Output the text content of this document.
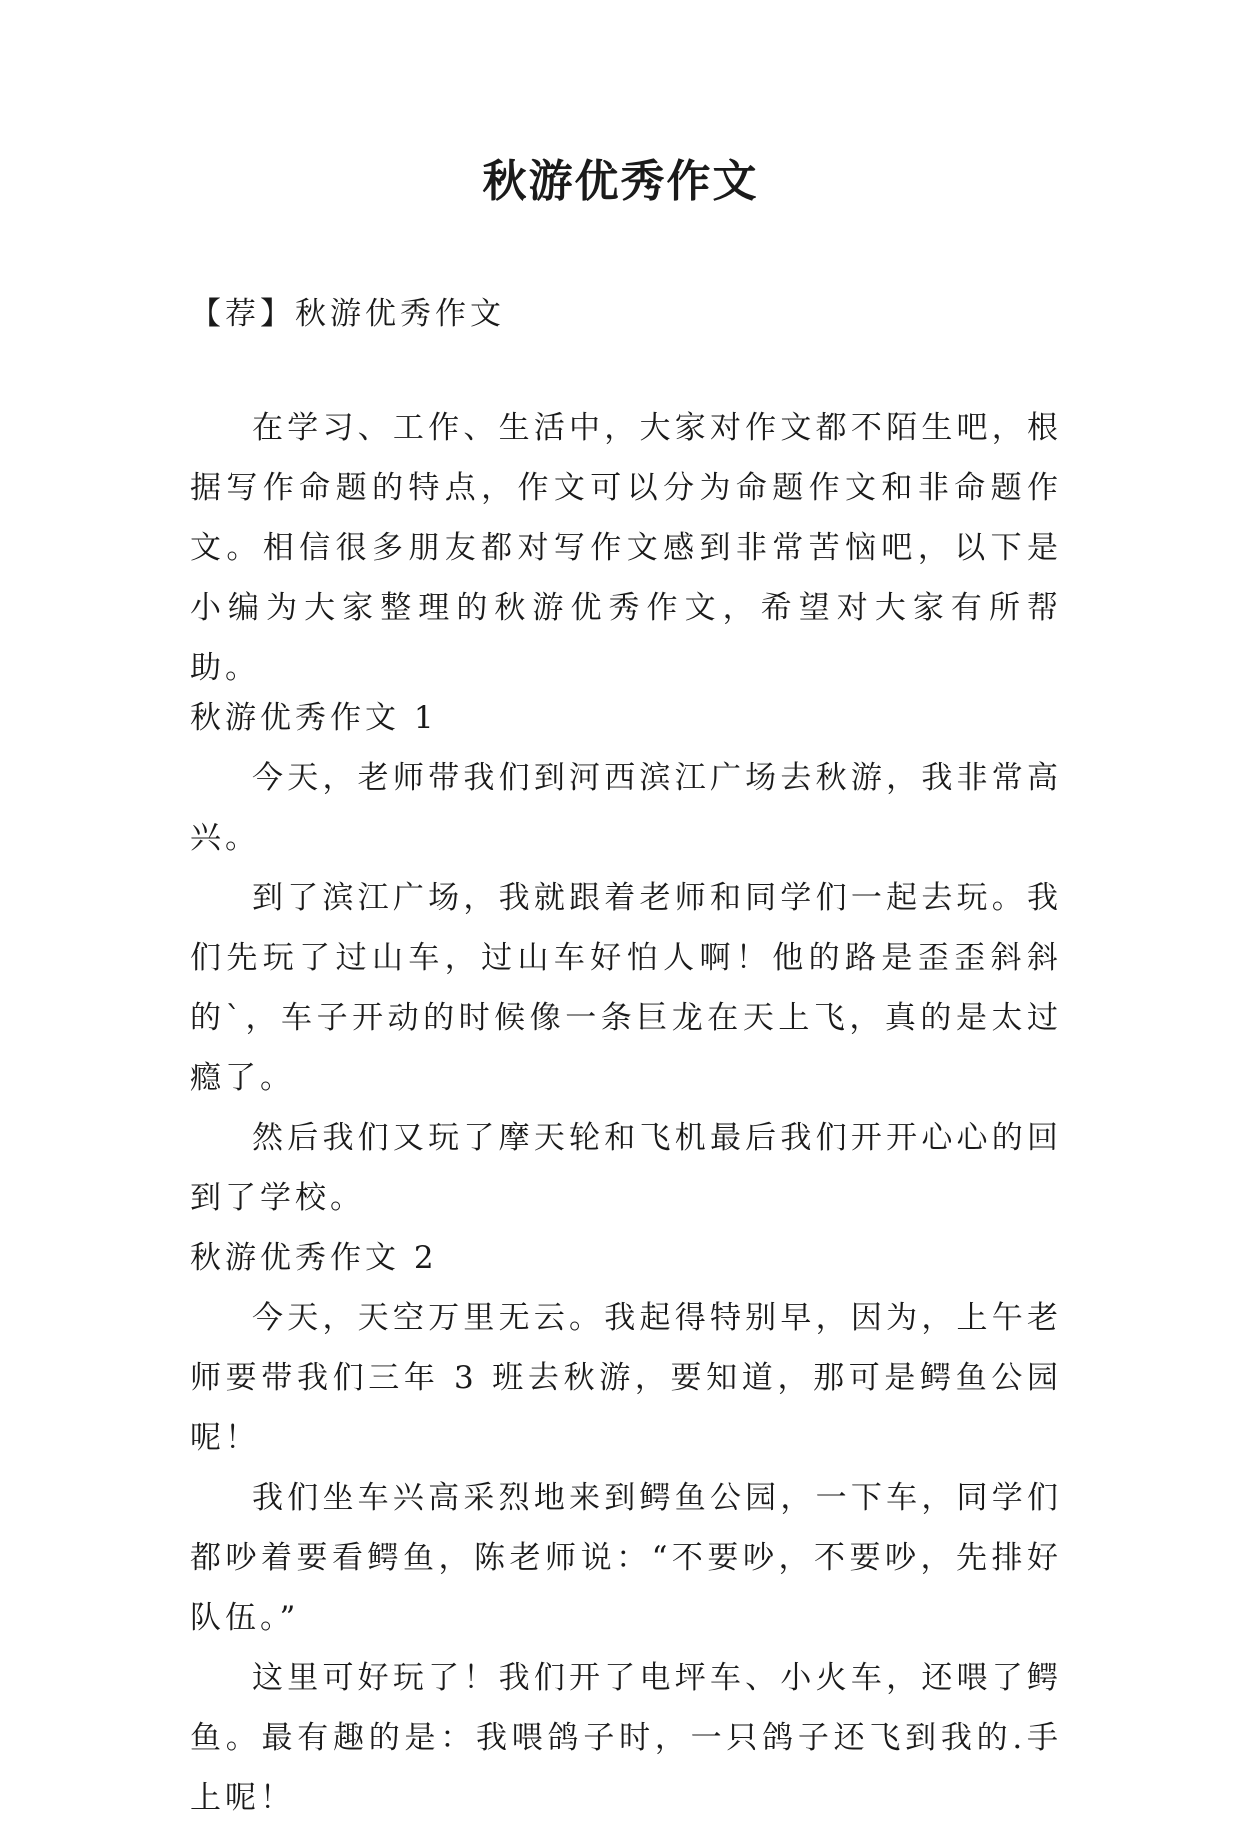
秋游优秀作文
【荐】秋游优秀作文

在学习、工作、生活中，大家对作文都不陌生吧，根据写作命题的特点，作文可以分为命题作文和非命题作文。相信很多朋友都对写作文感到非常苦恼吧，以下是小编为大家整理的秋游优秀作文，希望对大家有所帮助。

秋游优秀作文 1

今天，老师带我们到河西滨江广场去秋游，我非常高兴。

到了滨江广场，我就跟着老师和同学们一起去玩。我们先玩了过山车，过山车好怕人啊！他的路是歪歪斜斜的`，车子开动的时候像一条巨龙在天上飞，真的是太过瘾了。

然后我们又玩了摩天轮和飞机最后我们开开心心的回到了学校。

秋游优秀作文 2

今天，天空万里无云。我起得特别早，因为，上午老师要带我们三年 3 班去秋游，要知道，那可是鳄鱼公园呢！

我们坐车兴高采烈地来到鳄鱼公园，一下车，同学们都吵着要看鳄鱼，陈老师说：“不要吵，不要吵，先排好队伍。”

这里可好玩了！我们开了电坪车、小火车，还喂了鳄鱼。最有趣的是：我喂鸽子时，一只鸽子还飞到我的.手上呢！
